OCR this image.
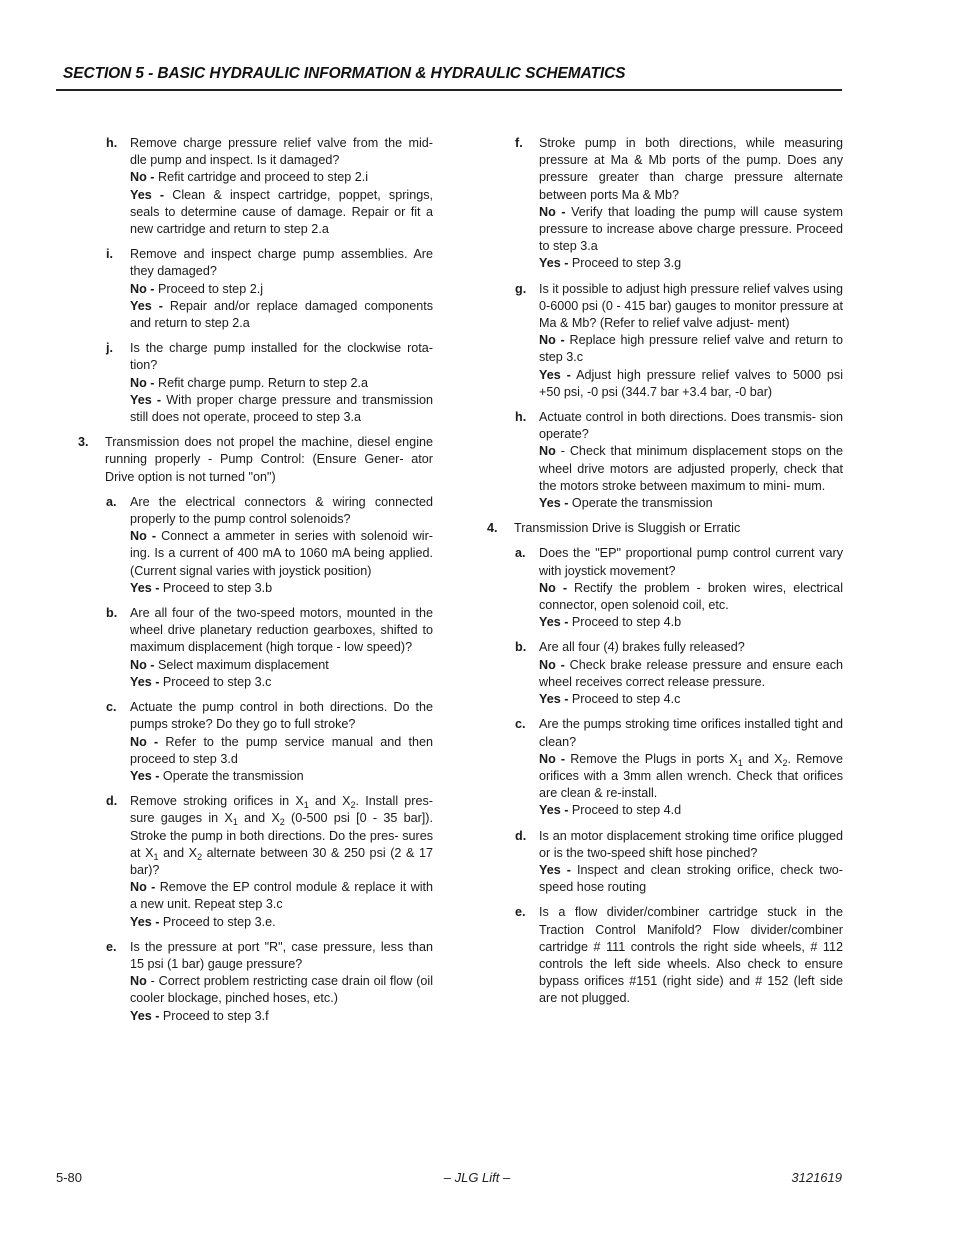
SECTION 5 - BASIC HYDRAULIC INFORMATION & HYDRAULIC SCHEMATICS
h.	Remove charge pressure relief valve from the mid- dle pump and inspect. Is it damaged?
No - Refit cartridge and proceed to step 2.i
Yes - Clean & inspect cartridge, poppet, springs, seals to determine cause of damage. Repair or fit a new cartridge and return to step 2.a
i.	Remove and inspect charge pump assemblies. Are they damaged?
No - Proceed to step 2.j
Yes - Repair and/or replace damaged components and return to step 2.a
j.	Is the charge pump installed for the clockwise rota- tion?
No - Refit charge pump. Return to step 2.a
Yes - With proper charge pressure and transmission still does not operate, proceed to step 3.a
3.	Transmission does not propel the machine, diesel engine running properly - Pump Control: (Ensure Gener- ator Drive option is not turned "on")
a.	Are the electrical connectors & wiring connected properly to the pump control solenoids?
No - Connect a ammeter in series with solenoid wir- ing. Is a current of 400 mA to 1060 mA being applied. (Current signal varies with joystick position)
Yes - Proceed to step 3.b
b.	Are all four of the two-speed motors, mounted in the wheel drive planetary reduction gearboxes, shifted to maximum displacement (high torque - low speed)?
No - Select maximum displacement
Yes - Proceed to step 3.c
c.	Actuate the pump control in both directions. Do the pumps stroke? Do they go to full stroke?
No - Refer to the pump service manual and then proceed to step 3.d
Yes - Operate the transmission
d.	Remove stroking orifices in $X_1$ and $X_2$. Install pres- sure gauges in $X_1$ and $X_2$ (0-500 psi [0 - 35 bar]). Stroke the pump in both directions. Do the pres- sures at $X_1$ and $X_2$ alternate between 30 & 250 psi (2 & 17 bar)?
No - Remove the EP control module & replace it with a new unit. Repeat step 3.c
Yes - Proceed to step 3.e.
e.	Is the pressure at port "R", case pressure, less than 15 psi (1 bar) gauge pressure?
No - Correct problem restricting case drain oil flow (oil cooler blockage, pinched hoses, etc.)
Yes - Proceed to step 3.f
f.	Stroke pump in both directions, while measuring pressure at Ma & Mb ports of the pump. Does any pressure greater than charge pressure alternate between ports Ma & Mb?
No - Verify that loading the pump will cause system pressure to increase above charge pressure. Proceed to step 3.a
Yes - Proceed to step 3.g
g.	Is it possible to adjust high pressure relief valves using 0-6000 psi (0 - 415 bar) gauges to monitor pressure at Ma & Mb? (Refer to relief valve adjust- ment)
No - Replace high pressure relief valve and return to step 3.c
Yes - Adjust high pressure relief valves to 5000 psi +50 psi, -0 psi (344.7 bar +3.4 bar, -0 bar)
h.	Actuate control in both directions. Does transmis- sion operate?
No - Check that minimum displacement stops on the wheel drive motors are adjusted properly, check that the motors stroke between maximum to mini- mum.
Yes - Operate the transmission
4.	Transmission Drive is Sluggish or Erratic
a.	Does the "EP" proportional pump control current vary with joystick movement?
No - Rectify the problem - broken wires, electrical connector, open solenoid coil, etc.
Yes - Proceed to step 4.b
b.	Are all four (4) brakes fully released?
No - Check brake release pressure and ensure each wheel receives correct release pressure.
Yes - Proceed to step 4.c
c.	Are the pumps stroking time orifices installed tight and clean?
No - Remove the Plugs in ports $X_1$ and $X_2$. Remove orifices with a 3mm allen wrench. Check that orifices are clean & re-install.
Yes - Proceed to step 4.d
d.	Is an motor displacement stroking time orifice plugged or is the two-speed shift hose pinched?
Yes - Inspect and clean stroking orifice, check two- speed hose routing
e.	Is a flow divider/combiner cartridge stuck in the Traction Control Manifold? Flow divider/combiner cartridge # 111 controls the right side wheels, # 112 controls the left side wheels. Also check to ensure bypass orifices #151 (right side) and # 152 (left side are not plugged.
5-80	– JLG Lift –	3121619
